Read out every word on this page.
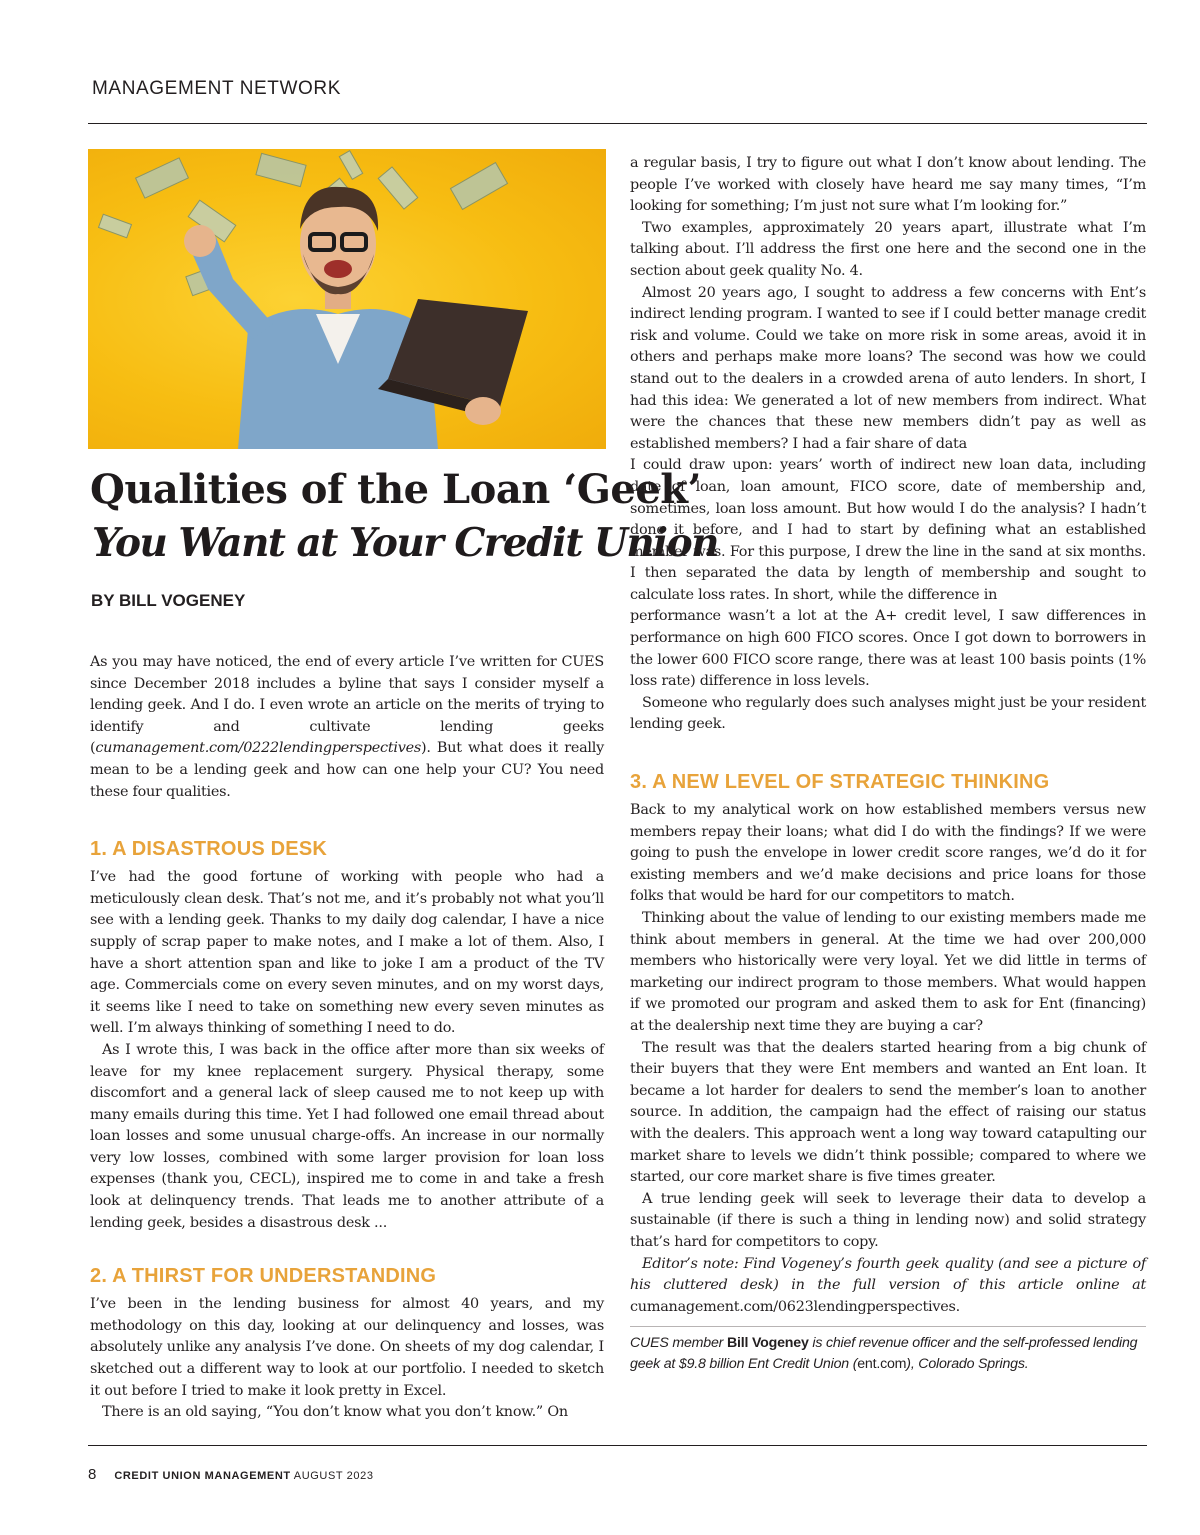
MANAGEMENT NETWORK
Qualities of the Loan ‘Geek’
You Want at Your Credit Union
BY BILL VOGENEY

As you may have noticed, the end of every article I’ve written for CUES since December 2018 includes a byline that says I consider myself a lending geek. And I do. I even wrote an article on the merits of trying to identify and cultivate lending geeks (cumanagement.com/0222lendingperspectives). But what does it really mean to be a lending geek and how can one help your CU? You need these four qualities.

1. A DISASTROUS DESK

I’ve had the good fortune of working with people who had a meticulously clean desk. That’s not me, and it’s probably not what you’ll see with a lending geek. Thanks to my daily dog calendar, I have a nice supply of scrap paper to make notes, and I make a lot of them. Also, I have a short attention span and like to joke I am a product of the TV age. Commercials come on every seven minutes, and on my worst days, it seems like I need to take on something new every seven minutes as well. I’m always thinking of something I need to do.

As I wrote this, I was back in the office after more than six weeks of leave for my knee replacement surgery. Physical therapy, some discomfort and a general lack of sleep caused me to not keep up with many emails during this time. Yet I had followed one email thread about loan losses and some unusual charge-offs. An increase in our normally very low losses, combined with some larger provision for loan loss expenses (thank you, CECL), inspired me to come in and take a fresh look at delinquency trends. That leads me to another attribute of a lending geek, besides a disastrous desk ...

2. A THIRST FOR UNDERSTANDING

I’ve been in the lending business for almost 40 years, and my methodology on this day, looking at our delinquency and losses, was absolutely unlike any analysis I’ve done. On sheets of my dog calendar, I sketched out a different way to look at our portfolio. I needed to sketch it out before I tried to make it look pretty in Excel.

There is an old saying, “You don’t know what you don’t know.” On

a regular basis, I try to figure out what I don’t know about lending. The people I’ve worked with closely have heard me say many times, “I’m looking for something; I’m just not sure what I’m looking for.”

Two examples, approximately 20 years apart, illustrate what I’m talking about. I’ll address the first one here and the second one in the section about geek quality No. 4.

Almost 20 years ago, I sought to address a few concerns with Ent’s indirect lending program. I wanted to see if I could better manage credit risk and volume. Could we take on more risk in some areas, avoid it in others and perhaps make more loans? The second was how we could stand out to the dealers in a crowded arena of auto lenders. In short, I had this idea: We generated a lot of new members from indirect. What were the chances that these new members didn’t pay as well as established members? I had a fair share of data

I could draw upon: years’ worth of indirect new loan data, including date of loan, loan amount, FICO score, date of membership and, sometimes, loan loss amount. But how would I do the analysis? I hadn’t done it before, and I had to start by defining what an established member was. For this purpose, I drew the line in the sand at six months. I then separated the data by length of membership and sought to calculate loss rates. In short, while the difference in

performance wasn’t a lot at the A+ credit level, I saw differences in performance on high 600 FICO scores. Once I got down to borrowers in the lower 600 FICO score range, there was at least 100 basis points (1% loss rate) difference in loss levels.

Someone who regularly does such analyses might just be your resident lending geek.

3. A NEW LEVEL OF STRATEGIC THINKING

Back to my analytical work on how established members versus new members repay their loans; what did I do with the findings? If we were going to push the envelope in lower credit score ranges, we’d do it for existing members and we’d make decisions and price loans for those folks that would be hard for our competitors to match.

Thinking about the value of lending to our existing members made me think about members in general. At the time we had over 200,000 members who historically were very loyal. Yet we did little in terms of marketing our indirect program to those members. What would happen if we promoted our program and asked them to ask for Ent (financing) at the dealership next time they are buying a car?

The result was that the dealers started hearing from a big chunk of their buyers that they were Ent members and wanted an Ent loan. It became a lot harder for dealers to send the member’s loan to another source. In addition, the campaign had the effect of raising our status with the dealers. This approach went a long way toward catapulting our market share to levels we didn’t think possible; compared to where we started, our core market share is five times greater.

A true lending geek will seek to leverage their data to develop a sustainable (if there is such a thing in lending now) and solid strategy that’s hard for competitors to copy.

Editor’s note: Find Vogeney’s fourth geek quality (and see a picture of his cluttered desk) in the full version of this article online at cumanagement.com/0623lendingperspectives.

CUES member Bill Vogeney is chief revenue officer and the self-professed lending geek at $9.8 billion Ent Credit Union (ent.com), Colorado Springs.

8 CREDIT UNION MANAGEMENT AUGUST 2023
